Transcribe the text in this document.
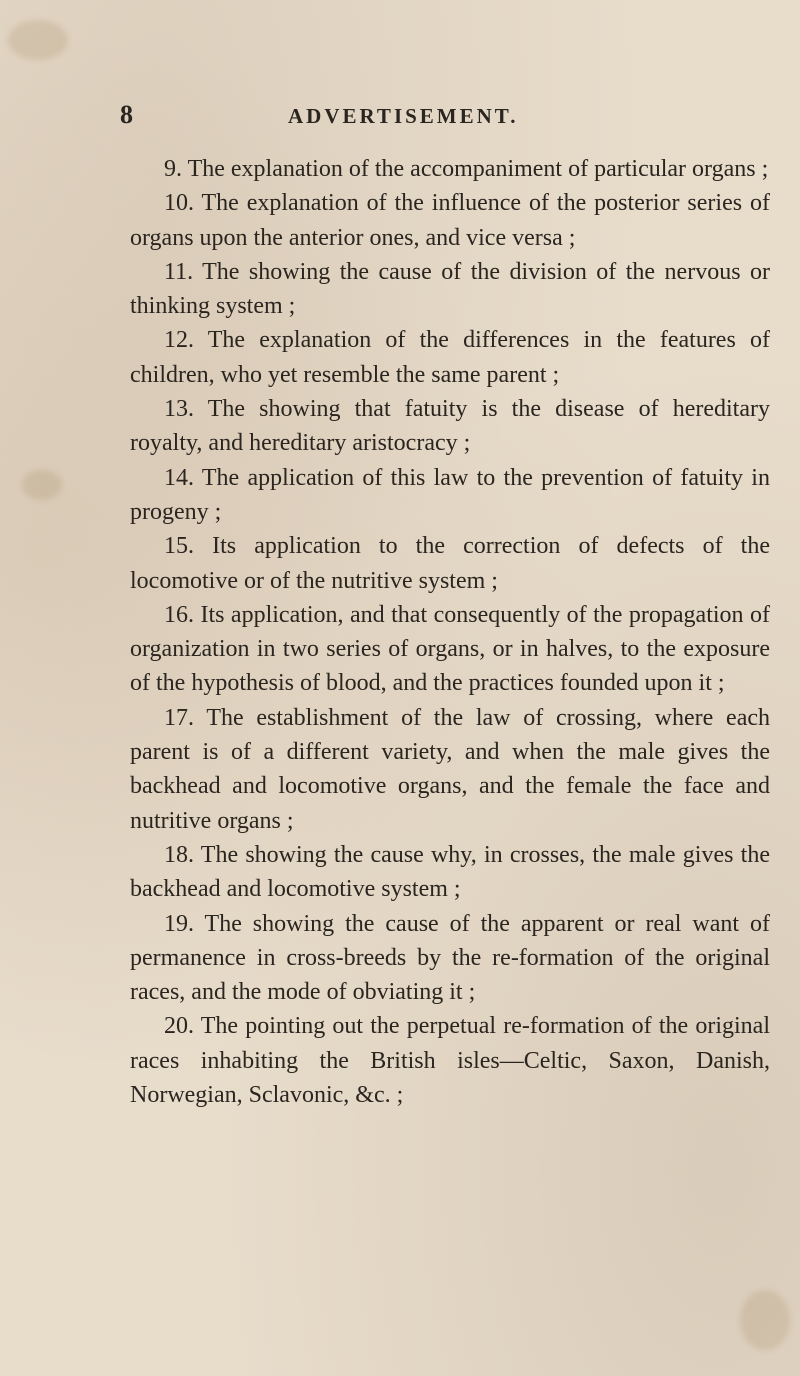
8	ADVERTISEMENT.

9. The explanation of the accompaniment of particular organs ;

10. The explanation of the influence of the posterior series of organs upon the anterior ones, and vice versa ;

11. The showing the cause of the division of the nervous or thinking system ;

12. The explanation of the differences in the features of children, who yet resemble the same parent ;

13. The showing that fatuity is the disease of hereditary royalty, and hereditary aristocracy ;

14. The application of this law to the prevention of fatuity in progeny ;

15. Its application to the correction of defects of the locomotive or of the nutritive system ;

16. Its application, and that consequently of the propagation of organization in two series of organs, or in halves, to the exposure of the hypothesis of blood, and the practices founded upon it ;

17. The establishment of the law of crossing, where each parent is of a different variety, and when the male gives the backhead and locomotive organs, and the female the face and nutritive organs ;

18. The showing the cause why, in crosses, the male gives the backhead and locomotive system ;

19. The showing the cause of the apparent or real want of permanence in cross-breeds by the re-formation of the original races, and the mode of obviating it ;

20. The pointing out the perpetual re-formation of the original races inhabiting the British isles—Celtic, Saxon, Danish, Norwegian, Sclavonic, &c. ;
